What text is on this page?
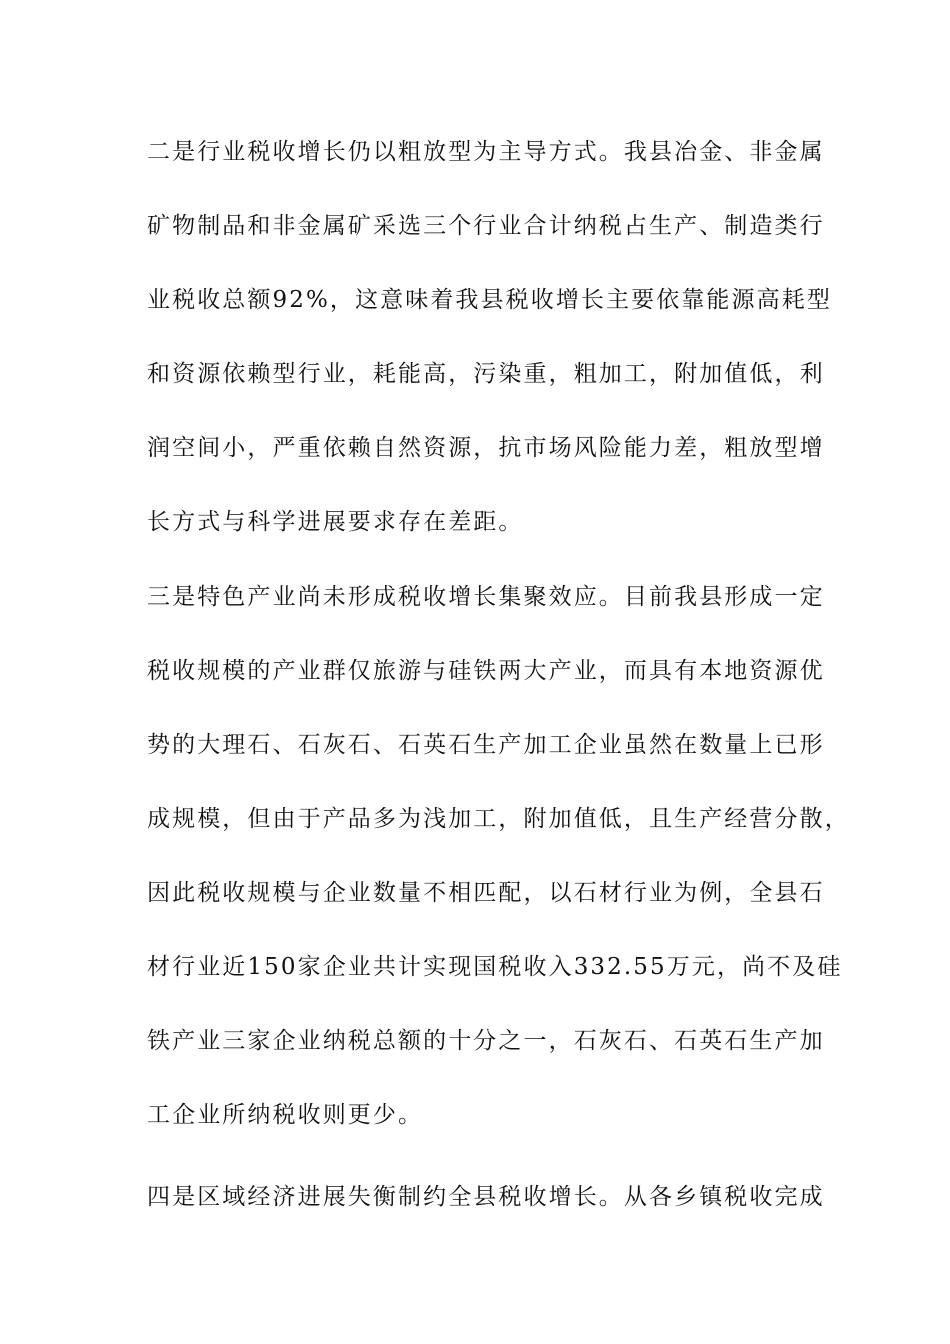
二是行业税收增长仍以粗放型为主导方式。我县冶金、非金属
矿物制品和非金属矿采选三个行业合计纳税占生产、制造类行
业税收总额92%，这意味着我县税收增长主要依靠能源高耗型
和资源依赖型行业，耗能高，污染重，粗加工，附加值低，利
润空间小，严重依赖自然资源，抗市场风险能力差，粗放型增
长方式与科学进展要求存在差距。
三是特色产业尚未形成税收增长集聚效应。目前我县形成一定
税收规模的产业群仅旅游与硅铁两大产业，而具有本地资源优
势的大理石、石灰石、石英石生产加工企业虽然在数量上已形
成规模，但由于产品多为浅加工，附加值低，且生产经营分散，
因此税收规模与企业数量不相匹配，以石材行业为例，全县石
材行业近150家企业共计实现国税收入332.55万元，尚不及硅
铁产业三家企业纳税总额的十分之一，石灰石、石英石生产加
工企业所纳税收则更少。
四是区域经济进展失衡制约全县税收增长。从各乡镇税收完成
